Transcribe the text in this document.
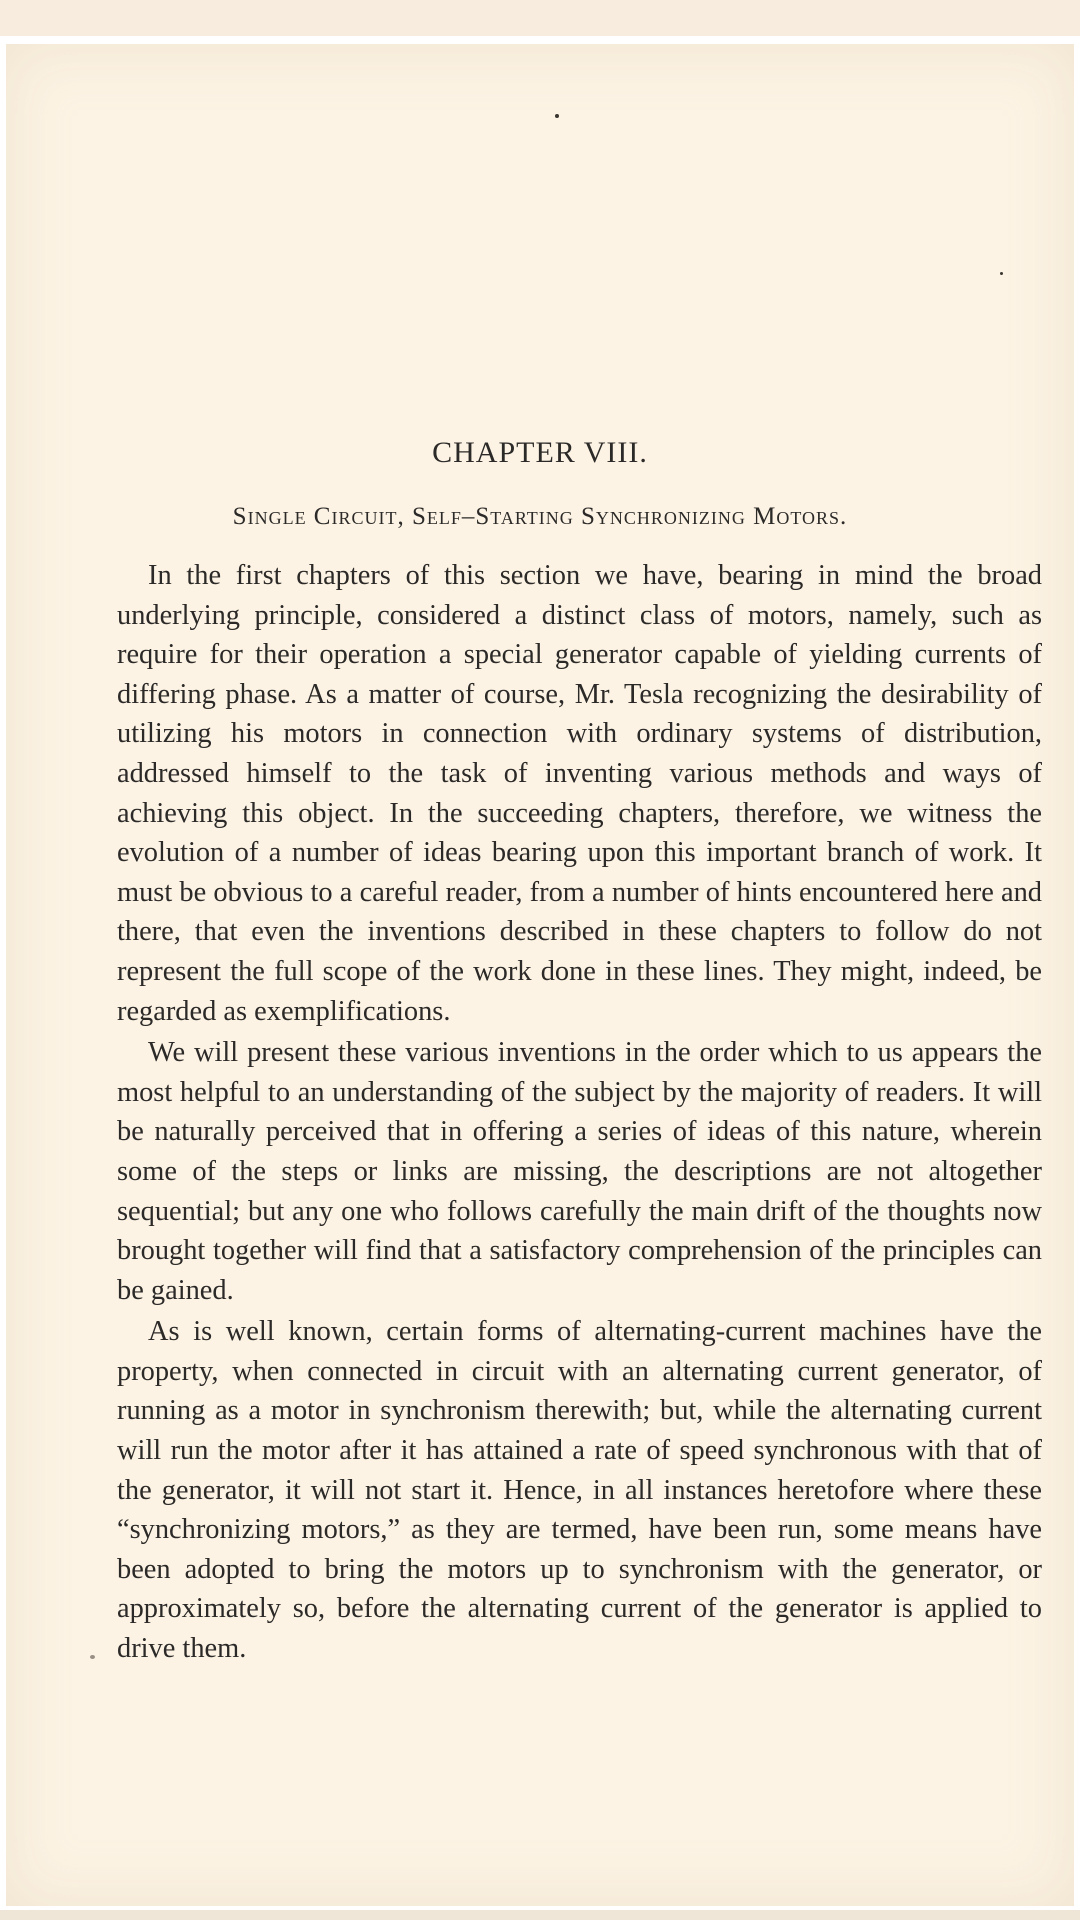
CHAPTER VIII.
Single Circuit, Self–Starting Synchronizing Motors.

In the first chapters of this section we have, bearing in mind the broad underlying principle, considered a distinct class of motors, namely, such as require for their operation a special generator capable of yielding currents of differing phase. As a matter of course, Mr. Tesla recognizing the desirability of utilizing his motors in connection with ordinary systems of distribution, addressed himself to the task of inventing various methods and ways of achieving this object. In the succeeding chapters, therefore, we witness the evolution of a number of ideas bearing upon this important branch of work. It must be obvious to a careful reader, from a number of hints encountered here and there, that even the inventions described in these chapters to follow do not represent the full scope of the work done in these lines. They might, indeed, be regarded as exemplifications.

We will present these various inventions in the order which to us appears the most helpful to an understanding of the subject by the majority of readers. It will be naturally perceived that in offering a series of ideas of this nature, wherein some of the steps or links are missing, the descriptions are not altogether sequential; but any one who follows carefully the main drift of the thoughts now brought together will find that a satisfactory comprehension of the principles can be gained.

As is well known, certain forms of alternating-current machines have the property, when connected in circuit with an alternating current generator, of running as a motor in synchronism therewith; but, while the alternating current will run the motor after it has attained a rate of speed synchronous with that of the generator, it will not start it. Hence, in all instances heretofore where these “synchronizing motors,” as they are termed, have been run, some means have been adopted to bring the motors up to synchronism with the generator, or approximately so, before the alternating current of the generator is applied to drive them.
